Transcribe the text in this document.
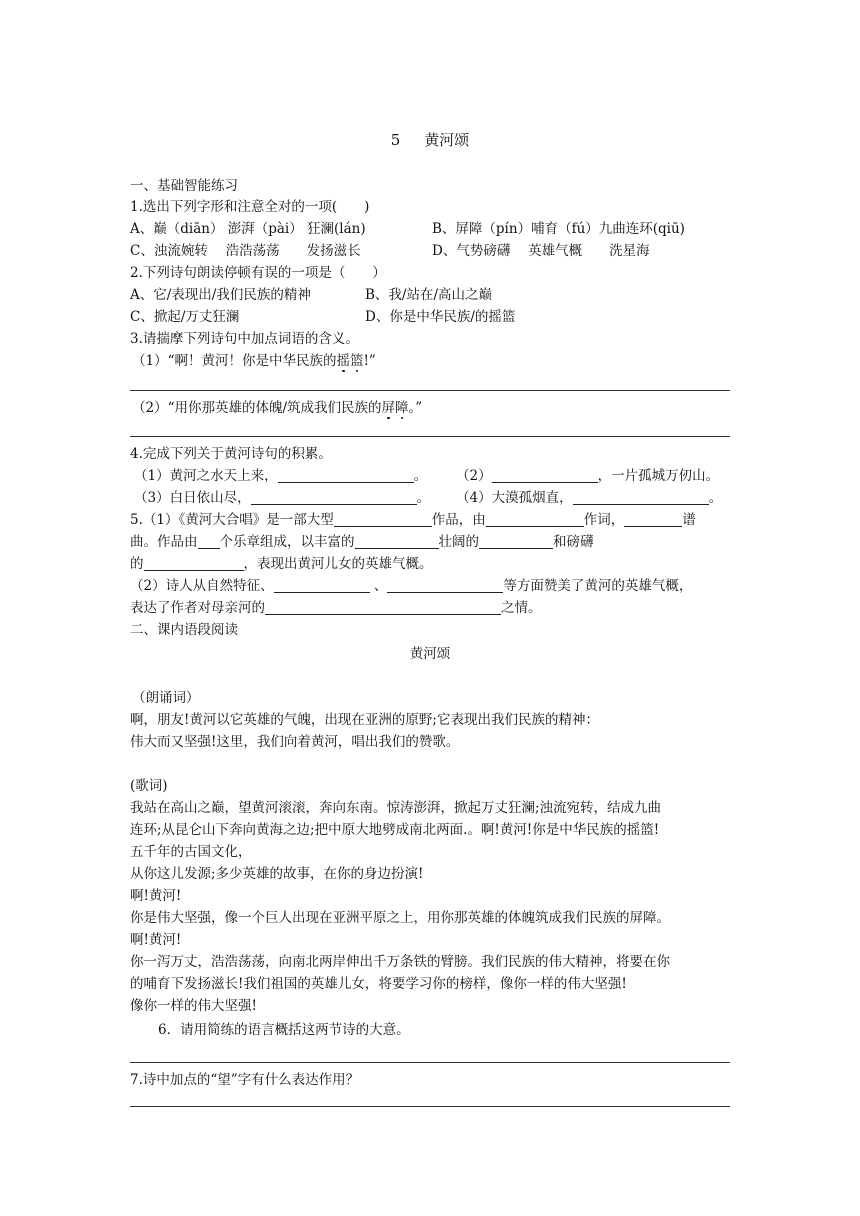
5 黄河颂
一、基础智能练习
1.选出下列字形和注意全对的一项(　　)
A、巅（diān） 澎湃（pài） 狂澜(lán)	B、屏障（pín）哺育（fú）九曲连环(qiū)
C、浊流婉转　 浩浩荡荡　　发扬滋长	D、气势磅礴　 英雄气概　　洗星海
2.下列诗句朗读停顿有误的一项是（　　）
A、它/表现出/我们民族的精神	B、我/站在/高山之巅
C、掀起/万丈狂澜	D、你是中华民族/的摇篮
3.请揣摩下列诗句中加点词语的含义。
（1）“啊！黄河！你是中华民族的摇篮!”
（2）“用你那英雄的体魄/筑成我们民族的屏障。”
4.完成下列关于黄河诗句的积累。
（1）黄河之水天上来，	。 （2）	，一片孤城万仞山。
（3）白日依山尽，	。 （4）大漠孤烟直，	。
5.（1）《黄河大合唱》是一部大型	作品，由	作词，	谱
曲。作品由 个乐章组成，以丰富的	壮阔的	和磅礴
的	，表现出黄河儿女的英雄气概。
（2）诗人从自然特征、	、	等方面赞美了黄河的英雄气概，
表达了作者对母亲河的	之情。
二、课内语段阅读
黄河颂
（朗诵词）
啊，朋友!黄河以它英雄的气魄，出现在亚洲的原野;它表现出我们民族的精神：
伟大而又坚强!这里，我们向着黄河，唱出我们的赞歌。
(歌词)
我站在高山之巅，望黄河滚滚，奔向东南。惊涛澎湃，掀起万丈狂澜;浊流宛转，结成九曲
连环;从昆仑山下奔向黄海之边;把中原大地劈成南北两面.。啊!黄河!你是中华民族的摇篮!
五千年的古国文化，
从你这儿发源;多少英雄的故事，在你的身边扮演!
啊!黄河!
你是伟大坚强，像一个巨人出现在亚洲平原之上，用你那英雄的体魄筑成我们民族的屏障。
啊!黄河!
你一泻万丈，浩浩荡荡，向南北两岸伸出千万条铁的臂膀。我们民族的伟大精神，将要在你
的哺育下发扬滋长!我们祖国的英雄儿女，将要学习你的榜样，像你一样的伟大坚强!
像你一样的伟大坚强!
6．请用简练的语言概括这两节诗的大意。
7.诗中加点的“望”字有什么表达作用？
